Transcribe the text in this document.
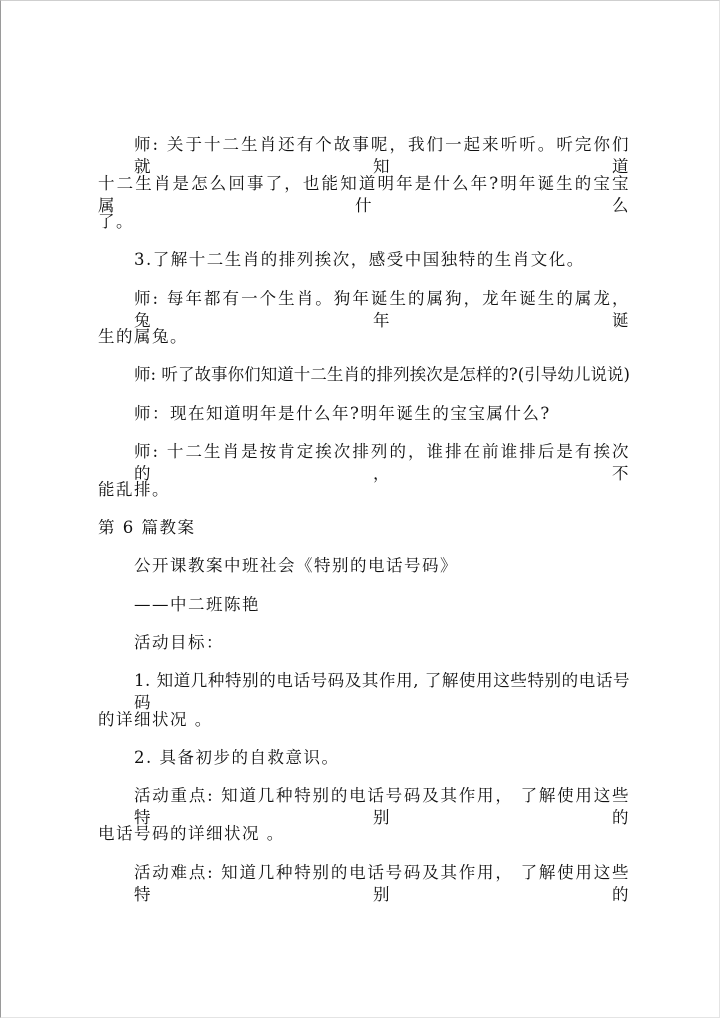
师: 关于十二生肖还有个故事呢，我们一起来听听。听完你们就知道
十二生肖是怎么回事了，也能知道明年是什么年?明年诞生的宝宝属什么
了。
3.了解十二生肖的排列挨次，感受中国独特的生肖文化。
师: 每年都有一个生肖。狗年诞生的属狗，龙年诞生的属龙，兔年诞
生的属兔。
师: 听了故事你们知道十二生肖的排列挨次是怎样的?(引导幼儿说说)
师：现在知道明年是什么年?明年诞生的宝宝属什么?
师: 十二生肖是按肯定挨次排列的，谁排在前谁排后是有挨次的，不
能乱排。
第 6 篇教案
公开课教案中班社会《特别的电话号码》
——中二班陈艳
活动目标：
1. 知道几种特别的电话号码及其作用, 了解使用这些特别的电话号码
的详细状况 。
2. 具备初步的自救意识。
活动重点: 知道几种特别的电话号码及其作用， 了解使用这些特别的
电话号码的详细状况 。
活动难点: 知道几种特别的电话号码及其作用， 了解使用这些特别的
